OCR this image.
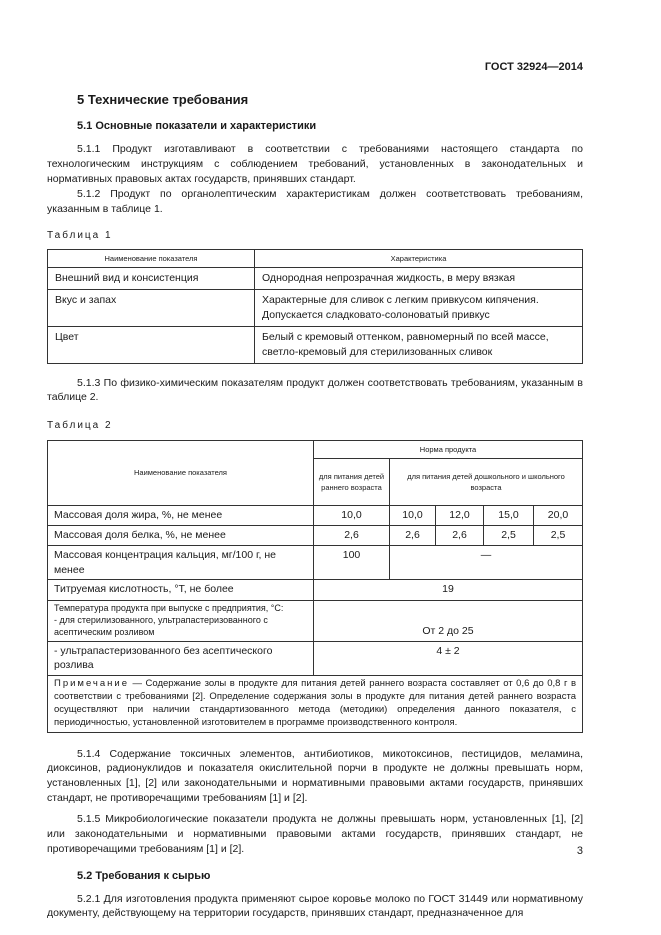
ГОСТ 32924—2014
5 Технические требования
5.1 Основные показатели и характеристики

5.1.1 Продукт изготавливают в соответствии с требованиями настоящего стандарта по технологическим инструкциям с соблюдением требований, установленных в законодательных и нормативных правовых актах государств, принявших стандарт.

5.1.2 Продукт по органолептическим характеристикам должен соответствовать требованиям, указанным в таблице 1.

Таблица 1
Наименование показателя	Характеристика
Внешний вид и консистенция	Однородная непрозрачная жидкость, в меру вязкая
Вкус и запах	Характерные для сливок с легким привкусом кипячения. Допускается сладковато-солоноватый привкус
Цвет	Белый с кремовый оттенком, равномерный по всей массе, светло-кремовый для стерилизованных сливок

5.1.3 По физико-химическим показателям продукт должен соответствовать требованиям, указанным в таблице 2.

Таблица 2
Наименование показателя	Норма продукта				
	для питания детей раннего возраста	для питания детей дошкольного и школьного возраста			
Массовая доля жира, %, не менее	10,0	10,0	12,0	15,0	20,0
Массовая доля белка, %, не менее	2,6	2,6	2,6	2,5	2,5
Массовая концентрация кальция, мг/100 г, не менее	100	—			
Титруемая кислотность, °Т, не более	19				
Температура продукта при выпуске с предприятия, °С:
- для стерилизованного, ультрапастеризованного с асептическим розливом	От 2 до 25				
- ультрапастеризованного без асептического розлива	4 ± 2				
Примечание — Содержание золы в продукте для питания детей раннего возраста составляет от 0,6 до 0,8 г в соответствии с требованиями [2]. Определение содержания золы в продукте для питания детей раннего возраста осуществляют при наличии стандартизованного метода (методики) определения данного показателя, с периодичностью, установленной изготовителем в программе производственного контроля.					

5.1.4 Содержание токсичных элементов, антибиотиков, микотоксинов, пестицидов, меламина, диоксинов, радионуклидов и показателя окислительной порчи в продукте не должны превышать норм, установленных [1], [2] или законодательными и нормативными правовыми актами государств, принявших стандарт, не противоречащими требованиям [1] и [2].

5.1.5 Микробиологические показатели продукта не должны превышать норм, установленных [1], [2] или законодательными и нормативными правовыми актами государств, принявших стандарт, не противоречащими требованиям [1] и [2].

5.2 Требования к сырью

5.2.1 Для изготовления продукта применяют сырое коровье молоко по ГОСТ 31449 или нормативному документу, действующему на территории государств, принявших стандарт, предназначенное для

3
